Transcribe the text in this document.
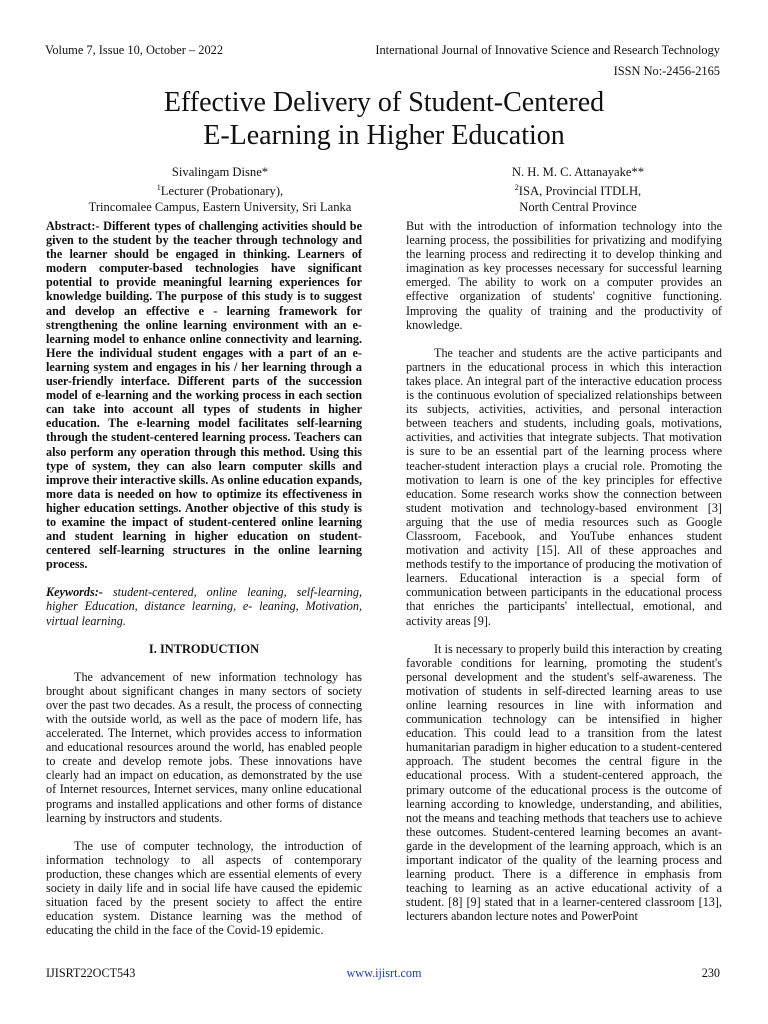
Volume 7, Issue 10, October – 2022	International Journal of Innovative Science and Research Technology
ISSN No:-2456-2165
Effective Delivery of Student-Centered
E-Learning in Higher Education
Sivalingam Disne*
$^1$Lecturer (Probationary),
Trincomalee Campus, Eastern University, Sri Lanka
N. H. M. C. Attanayake**
$^2$ISA, Provincial ITDLH,
North Central Province

Abstract:- Different types of challenging activities should be given to the student by the teacher through technology and the learner should be engaged in thinking. Learners of modern computer-based technologies have significant potential to provide meaningful learning experiences for knowledge building. The purpose of this study is to suggest and develop an effective e - learning framework for strengthening the online learning environment with an e-learning model to enhance online connectivity and learning. Here the individual student engages with a part of an e-learning system and engages in his / her learning through a user-friendly interface. Different parts of the succession model of e-learning and the working process in each section can take into account all types of students in higher education. The e-learning model facilitates self-learning through the student-centered learning process. Teachers can also perform any operation through this method. Using this type of system, they can also learn computer skills and improve their interactive skills. As online education expands, more data is needed on how to optimize its effectiveness in higher education settings. Another objective of this study is to examine the impact of student-centered online learning and student learning in higher education on student-centered self-learning structures in the online learning process.

Keywords:- student-centered, online leaning, self-learning, higher Education, distance learning, e- leaning, Motivation, virtual learning.

I. INTRODUCTION

The advancement of new information technology has brought about significant changes in many sectors of society over the past two decades. As a result, the process of connecting with the outside world, as well as the pace of modern life, has accelerated. The Internet, which provides access to information and educational resources around the world, has enabled people to create and develop remote jobs. These innovations have clearly had an impact on education, as demonstrated by the use of Internet resources, Internet services, many online educational programs and installed applications and other forms of distance learning by instructors and students.

The use of computer technology, the introduction of information technology to all aspects of contemporary production, these changes which are essential elements of every society in daily life and in social life have caused the epidemic situation faced by the present society to affect the entire education system. Distance learning was the method of educating the child in the face of the Covid-19 epidemic.

But with the introduction of information technology into the learning process, the possibilities for privatizing and modifying the learning process and redirecting it to develop thinking and imagination as key processes necessary for successful learning emerged. The ability to work on a computer provides an effective organization of students' cognitive functioning. Improving the quality of training and the productivity of knowledge.

The teacher and students are the active participants and partners in the educational process in which this interaction takes place. An integral part of the interactive education process is the continuous evolution of specialized relationships between its subjects, activities, activities, and personal interaction between teachers and students, including goals, motivations, activities, and activities that integrate subjects. That motivation is sure to be an essential part of the learning process where teacher-student interaction plays a crucial role. Promoting the motivation to learn is one of the key principles for effective education. Some research works show the connection between student motivation and technology-based environment [3] arguing that the use of media resources such as Google Classroom, Facebook, and YouTube enhances student motivation and activity [15]. All of these approaches and methods testify to the importance of producing the motivation of learners. Educational interaction is a special form of communication between participants in the educational process that enriches the participants' intellectual, emotional, and activity areas [9].

It is necessary to properly build this interaction by creating favorable conditions for learning, promoting the student's personal development and the student's self-awareness. The motivation of students in self-directed learning areas to use online learning resources in line with information and communication technology can be intensified in higher education. This could lead to a transition from the latest humanitarian paradigm in higher education to a student-centered approach. The student becomes the central figure in the educational process. With a student-centered approach, the primary outcome of the educational process is the outcome of learning according to knowledge, understanding, and abilities, not the means and teaching methods that teachers use to achieve these outcomes. Student-centered learning becomes an avant-garde in the development of the learning approach, which is an important indicator of the quality of the learning process and learning product. There is a difference in emphasis from teaching to learning as an active educational activity of a student. [8] [9] stated that in a learner-centered classroom [13], lecturers abandon lecture notes and PowerPoint

IJISRT22OCT543	www.ijisrt.com	230
